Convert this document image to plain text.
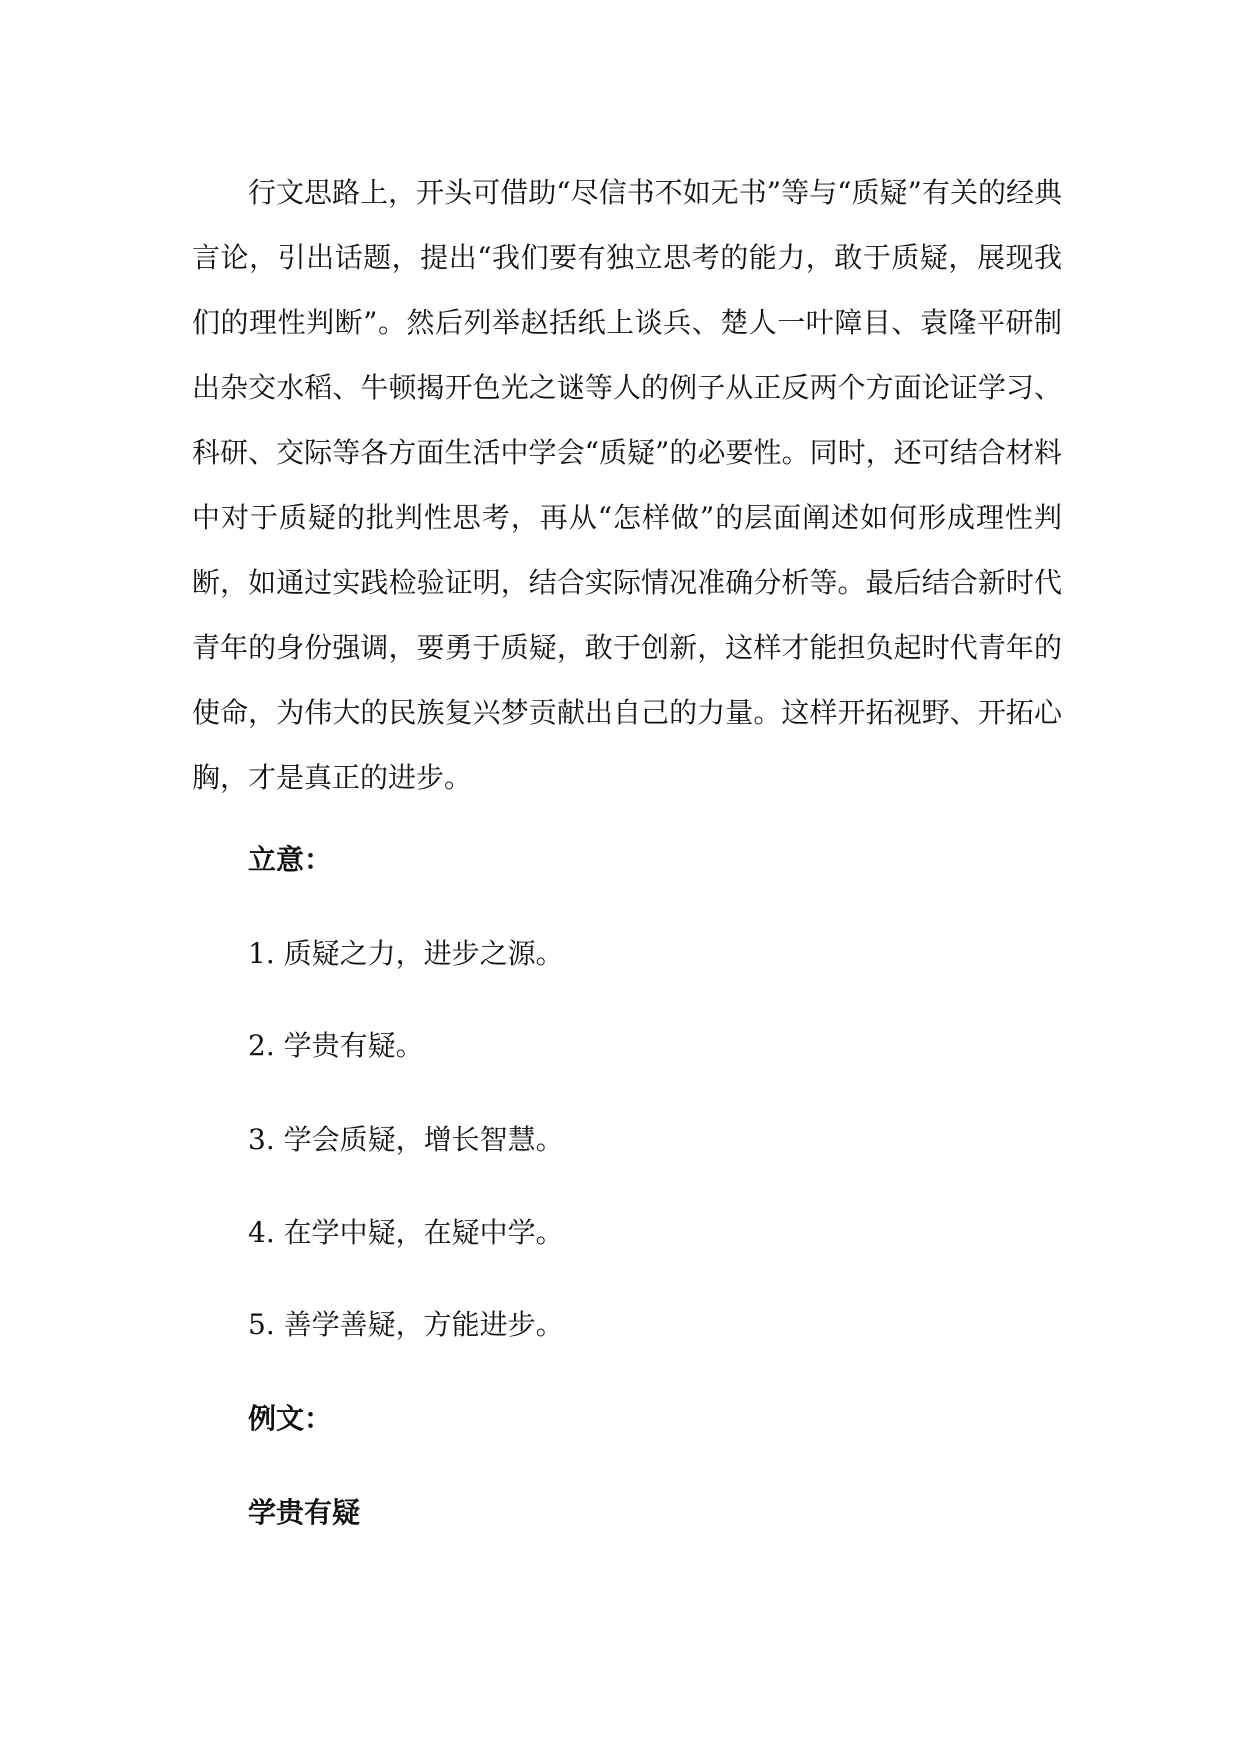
行文思路上，开头可借助“尽信书不如无书”等与“质疑”有关的经典言论，引出话题，提出“我们要有独立思考的能力，敢于质疑，展现我们的理性判断”。然后列举赵括纸上谈兵、楚人一叶障目、袁隆平研制出杂交水稻、牛顿揭开色光之谜等人的例子从正反两个方面论证学习、科研、交际等各方面生活中学会“质疑”的必要性。同时，还可结合材料中对于质疑的批判性思考，再从“怎样做”的层面阐述如何形成理性判断，如通过实践检验证明，结合实际情况准确分析等。最后结合新时代青年的身份强调，要勇于质疑，敢于创新，这样才能担负起时代青年的使命，为伟大的民族复兴梦贡献出自己的力量。这样开拓视野、开拓心胸，才是真正的进步。

立意：

1. 质疑之力，进步之源。

2. 学贵有疑。

3. 学会质疑，增长智慧。

4. 在学中疑，在疑中学。

5. 善学善疑，方能进步。

例文：

学贵有疑
